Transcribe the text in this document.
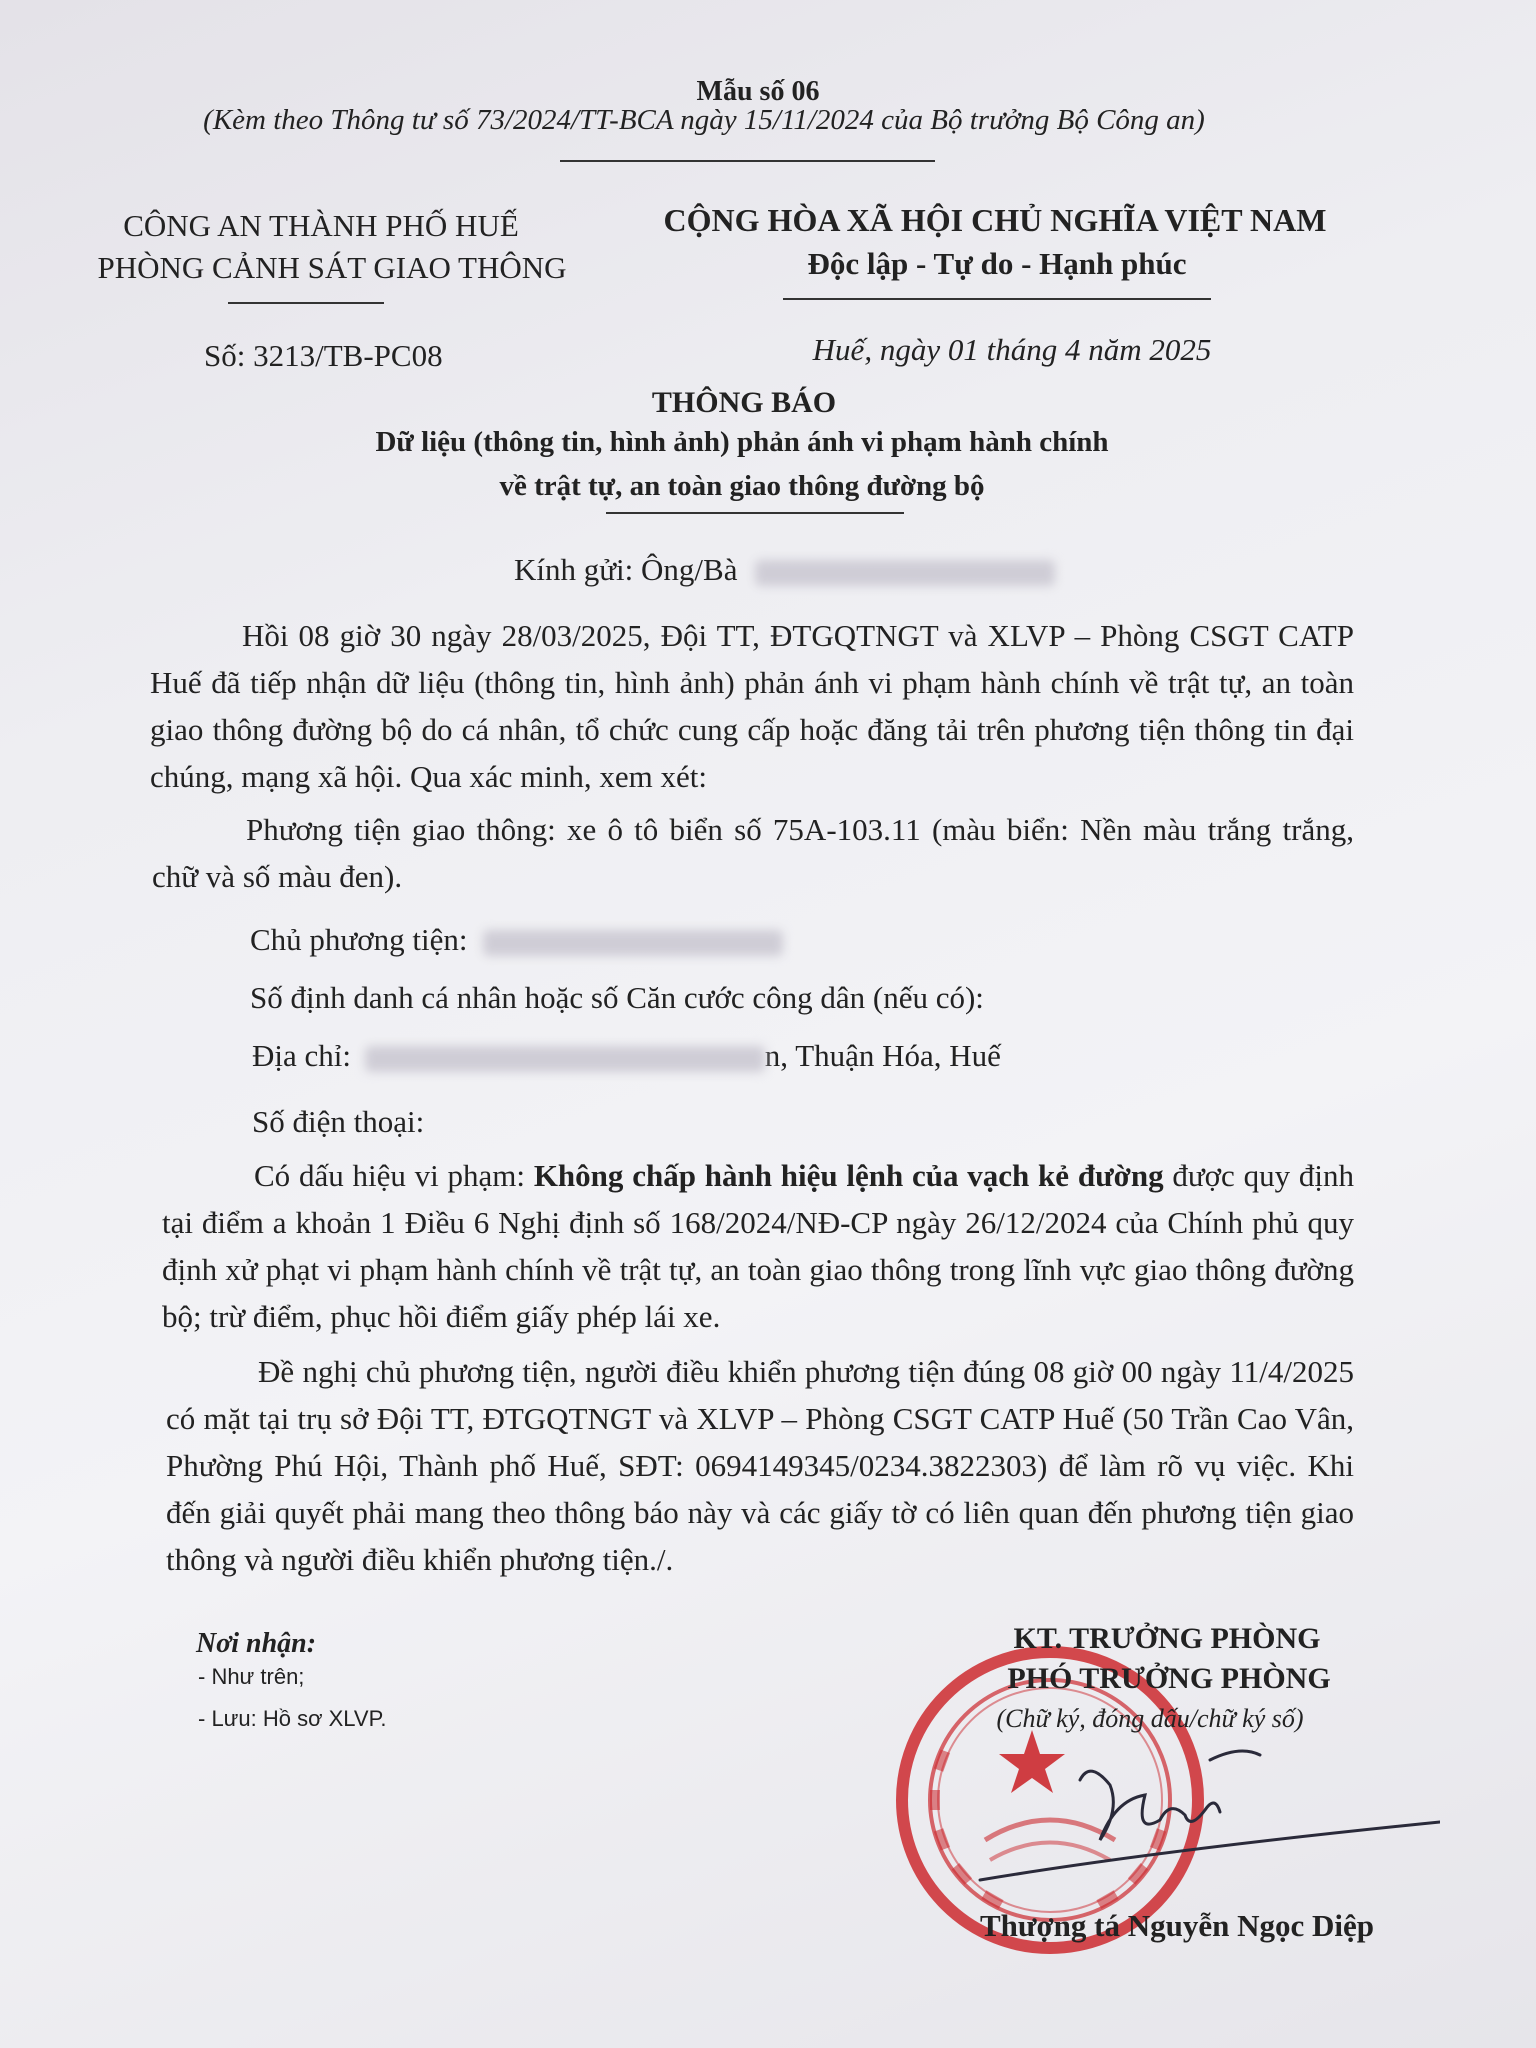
Mẫu số 06
(Kèm theo Thông tư số 73/2024/TT-BCA ngày 15/11/2024 của Bộ trưởng Bộ Công an)
CÔNG AN THÀNH PHỐ HUẾ
PHÒNG CẢNH SÁT GIAO THÔNG
Số: 3213/TB-PC08
CỘNG HÒA XÃ HỘI CHỦ NGHĨA VIỆT NAM
Độc lập - Tự do - Hạnh phúc
Huế, ngày 01 tháng 4 năm 2025
THÔNG BÁO
Dữ liệu (thông tin, hình ảnh) phản ánh vi phạm hành chính
về trật tự, an toàn giao thông đường bộ
Kính gửi: Ông/Bà

Hồi 08 giờ 30 ngày 28/03/2025, Đội TT, ĐTGQTNGT và XLVP – Phòng CSGT CATP Huế đã tiếp nhận dữ liệu (thông tin, hình ảnh) phản ánh vi phạm hành chính về trật tự, an toàn giao thông đường bộ do cá nhân, tổ chức cung cấp hoặc đăng tải trên phương tiện thông tin đại chúng, mạng xã hội. Qua xác minh, xem xét:

Phương tiện giao thông: xe ô tô biển số 75A-103.11 (màu biển: Nền màu trắng trắng, chữ và số màu đen).

Chủ phương tiện:
Số định danh cá nhân hoặc số Căn cước công dân (nếu có):
Địa chỉ:	n, Thuận Hóa, Huế
Số điện thoại:

Có dấu hiệu vi phạm: Không chấp hành hiệu lệnh của vạch kẻ đường được quy định tại điểm a khoản 1 Điều 6 Nghị định số 168/2024/NĐ-CP ngày 26/12/2024 của Chính phủ quy định xử phạt vi phạm hành chính về trật tự, an toàn giao thông trong lĩnh vực giao thông đường bộ; trừ điểm, phục hồi điểm giấy phép lái xe.

Đề nghị chủ phương tiện, người điều khiển phương tiện đúng 08 giờ 00 ngày 11/4/2025 có mặt tại trụ sở Đội TT, ĐTGQTNGT và XLVP – Phòng CSGT CATP Huế (50 Trần Cao Vân, Phường Phú Hội, Thành phố Huế, SĐT: 0694149345/0234.3822303) để làm rõ vụ việc. Khi đến giải quyết phải mang theo thông báo này và các giấy tờ có liên quan đến phương tiện giao thông và người điều khiển phương tiện./.

Nơi nhận:
- Như trên;
- Lưu: Hồ sơ XLVP.
KT. TRƯỞNG PHÒNG
PHÓ TRƯỞNG PHÒNG
(Chữ ký, đóng dấu/chữ ký số)
Thượng tá Nguyễn Ngọc Diệp
